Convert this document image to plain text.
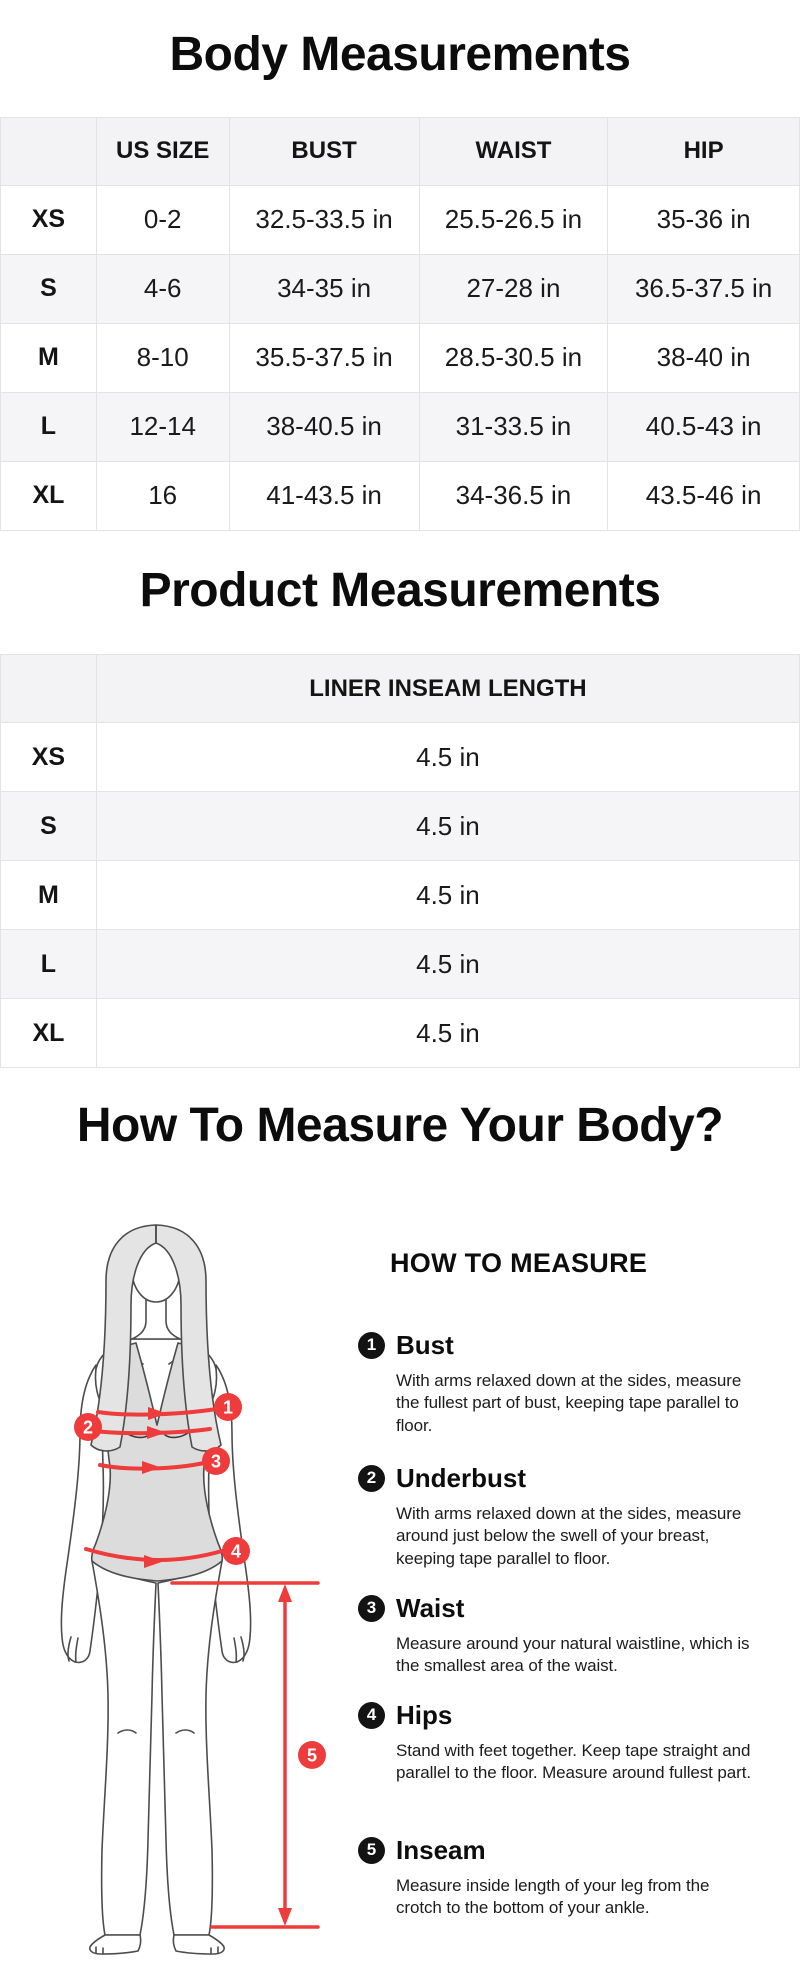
Body Measurements
	US SIZE	BUST	WAIST	HIP
XS	0-2	32.5-33.5 in	25.5-26.5 in	35-36 in
S	4-6	34-35 in	27-28 in	36.5-37.5 in
M	8-10	35.5-37.5 in	28.5-30.5 in	38-40 in
L	12-14	38-40.5 in	31-33.5 in	40.5-43 in
XL	16	41-43.5 in	34-36.5 in	43.5-46 in
Product Measurements
	LINER INSEAM LENGTH
XS	4.5 in
S	4.5 in
M	4.5 in
L	4.5 in
XL	4.5 in
How To Measure Your Body?
1
2
3
4
5
HOW TO MEASURE
1 Bust
With arms relaxed down at the sides, measure the fullest part of bust, keeping tape parallel to floor.
2 Underbust
With arms relaxed down at the sides, measure around just below the swell of your breast, keeping tape parallel to floor.
3 Waist
Measure around your natural waistline, which is the smallest area of the waist.
4 Hips
Stand with feet together. Keep tape straight and parallel to the floor. Measure around fullest part.
5 Inseam
Measure inside length of your leg from the crotch to the bottom of your ankle.
